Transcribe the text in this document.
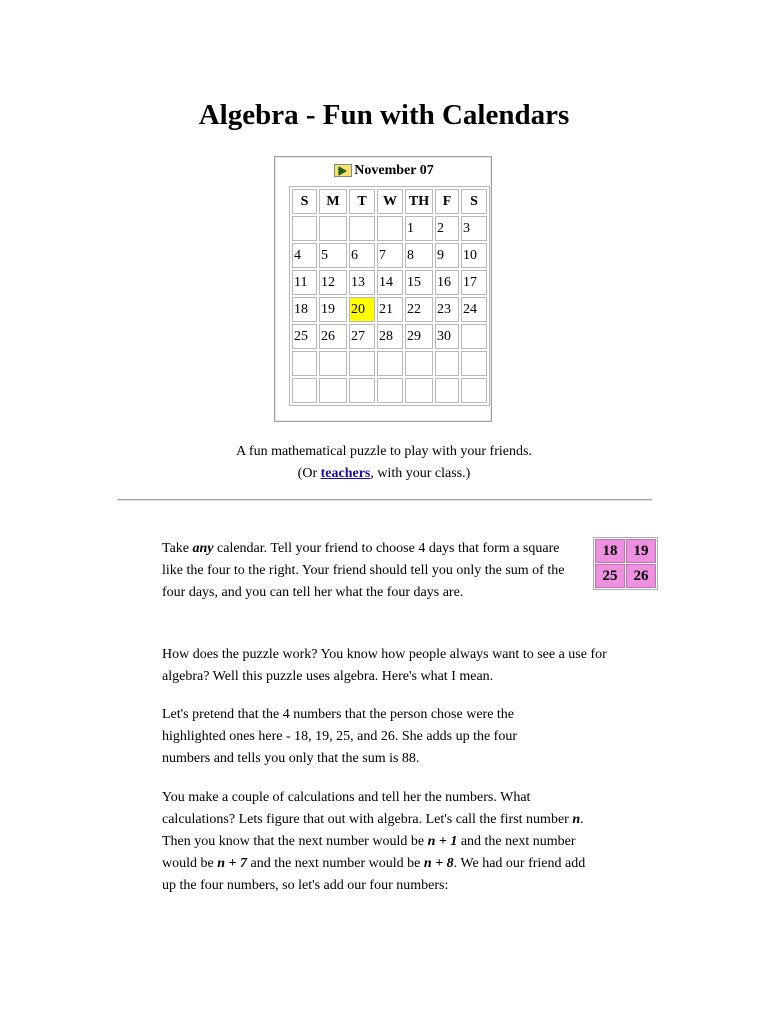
Algebra - Fun with Calendars
November 07
S	M	T	W	TH	F	S
				1	2	3
4	5	6	7	8	9	10
11	12	13	14	15	16	17
18	19	20	21	22	23	24
25	26	27	28	29	30	

A fun mathematical puzzle to play with your friends.
(Or teachers, with your class.)

Take any calendar. Tell your friend to choose 4 days that form a square like the four to the right. Your friend should tell you only the sum of the four days, and you can tell her what the four days are.

18	19
25	26

How does the puzzle work? You know how people always want to see a use for algebra? Well this puzzle uses algebra. Here's what I mean.

Let's pretend that the 4 numbers that the person chose were the highlighted ones here - 18, 19, 25, and 26. She adds up the four numbers and tells you only that the sum is 88.

You make a couple of calculations and tell her the numbers. What calculations? Lets figure that out with algebra. Let's call the first number n. Then you know that the next number would be n + 1 and the next number would be n + 7 and the next number would be n + 8. We had our friend add up the four numbers, so let's add our four numbers:
